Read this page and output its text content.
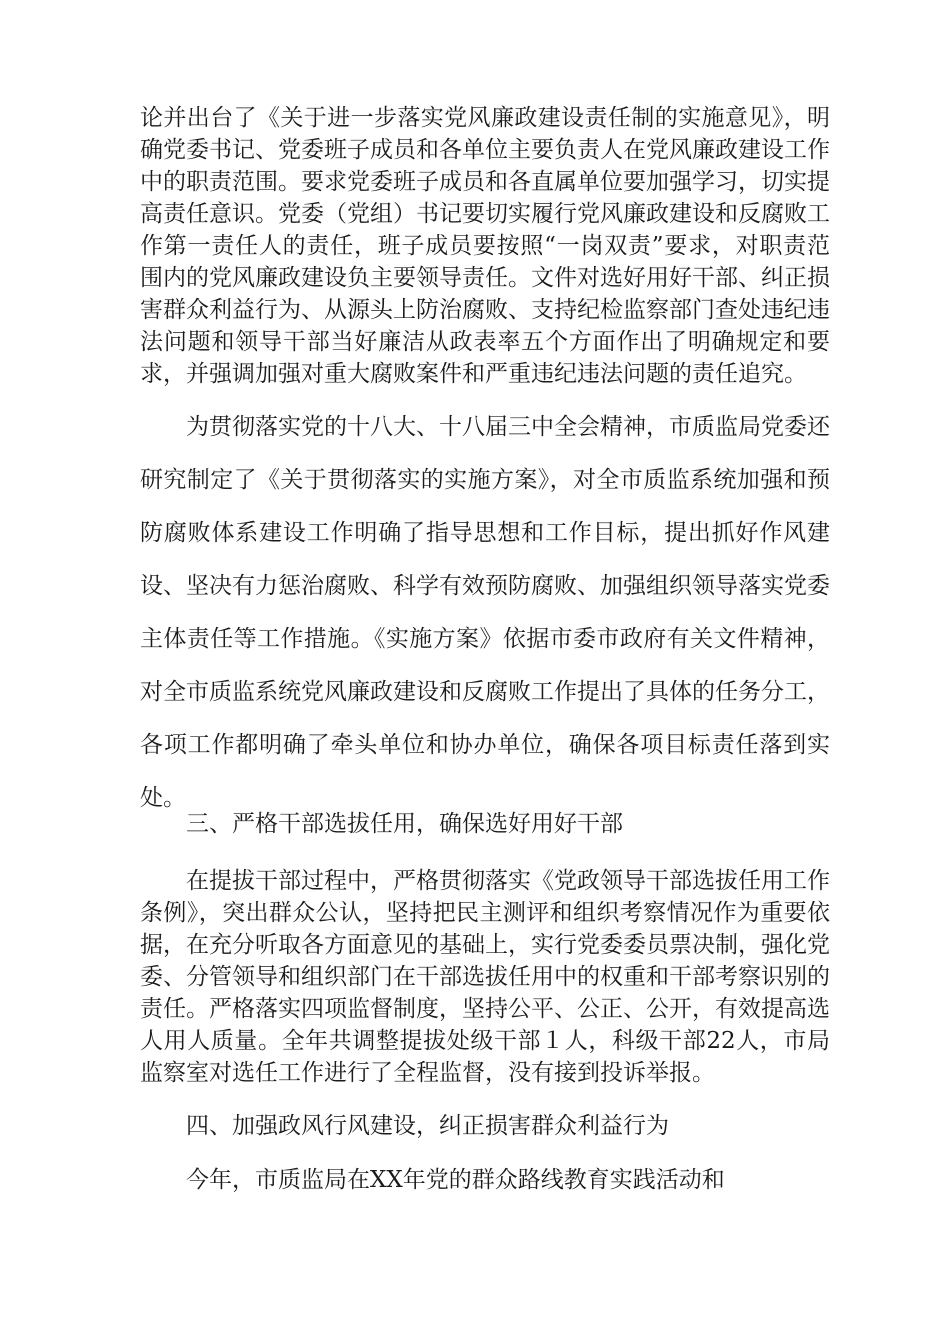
论并出台了《关于进一步落实党风廉政建设责任制的实施意见》，明确党委书记、党委班子成员和各单位主要负责人在党风廉政建设工作中的职责范围。要求党委班子成员和各直属单位要加强学习，切实提高责任意识。党委（党组）书记要切实履行党风廉政建设和反腐败工作第一责任人的责任，班子成员要按照“一岗双责”要求，对职责范围内的党风廉政建设负主要领导责任。文件对选好用好干部、纠正损害群众利益行为、从源头上防治腐败、支持纪检监察部门查处违纪违法问题和领导干部当好廉洁从政表率五个方面作出了明确规定和要求，并强调加强对重大腐败案件和严重违纪违法问题的责任追究。

为贯彻落实党的十八大、十八届三中全会精神，市质监局党委还研究制定了《关于贯彻落实的实施方案》，对全市质监系统加强和预防腐败体系建设工作明确了指导思想和工作目标，提出抓好作风建设、坚决有力惩治腐败、科学有效预防腐败、加强组织领导落实党委主体责任等工作措施。《实施方案》依据市委市政府有关文件精神，对全市质监系统党风廉政建设和反腐败工作提出了具体的任务分工，各项工作都明确了牵头单位和协办单位，确保各项目标责任落到实处。

三、严格干部选拔任用，确保选好用好干部

在提拔干部过程中，严格贯彻落实《党政领导干部选拔任用工作条例》，突出群众公认，坚持把民主测评和组织考察情况作为重要依据，在充分听取各方面意见的基础上，实行党委委员票决制，强化党委、分管领导和组织部门在干部选拔任用中的权重和干部考察识别的责任。严格落实四项监督制度，坚持公平、公正、公开，有效提高选人用人质量。全年共调整提拔处级干部１人，科级干部22人，市局监察室对选任工作进行了全程监督，没有接到投诉举报。

四、加强政风行风建设，纠正损害群众利益行为

今年，市质监局在XX年党的群众路线教育实践活动和
